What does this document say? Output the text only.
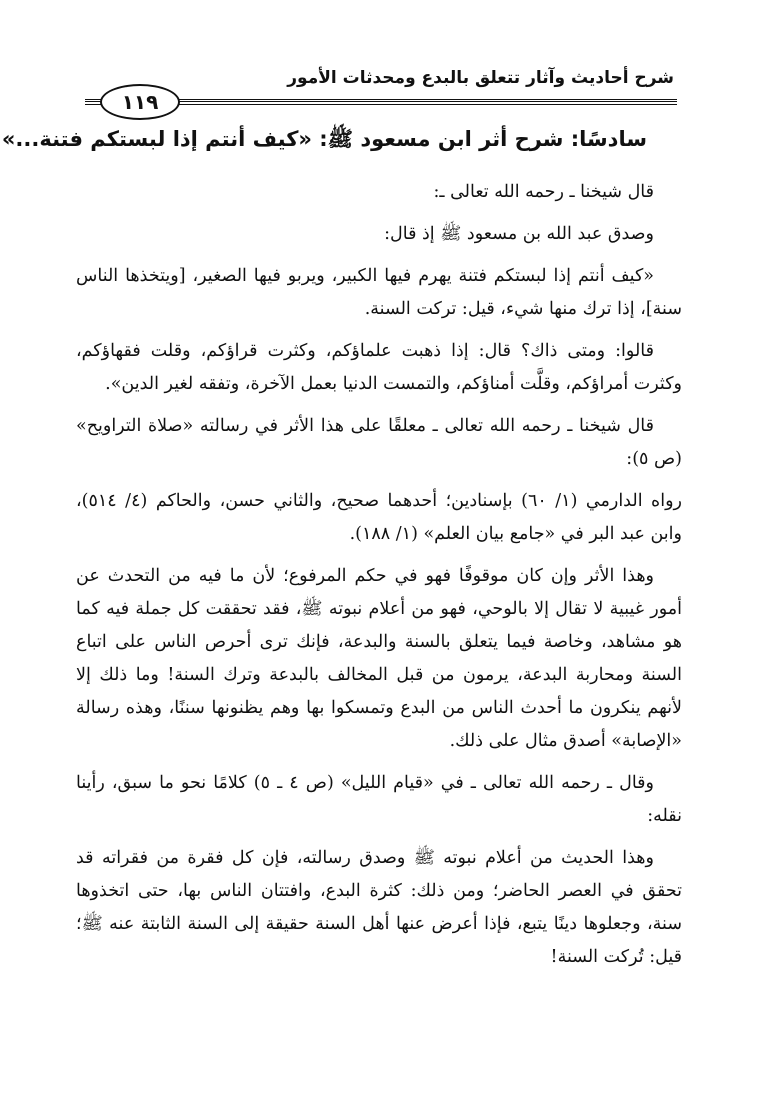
شرح أحاديث وآثار تتعلق بالبدع ومحدثات الأمور
١١٩
سادسًا: شرح أثر ابن مسعود ﷺ: «كيف أنتم إذا لبستكم فتنة...»

قال شيخنا ـ رحمه الله تعالى ـ:

وصدق عبد الله بن مسعود ﷺ إذ قال:

«كيف أنتم إذا لبستكم فتنة يهرم فيها الكبير، ويربو فيها الصغير، [ويتخذها الناس سنة]، إذا ترك منها شيء، قيل: تركت السنة.

قالوا: ومتى ذاك؟ قال: إذا ذهبت علماؤكم، وكثرت قراؤكم، وقلت فقهاؤكم، وكثرت أمراؤكم، وقلَّت أمناؤكم، والتمست الدنيا بعمل الآخرة، وتفقه لغير الدين».

قال شيخنا ـ رحمه الله تعالى ـ معلقًا على هذا الأثر في رسالته «صلاة التراويح» (ص ٥):

رواه الدارمي (١/ ٦٠) بإسنادين؛ أحدهما صحيح، والثاني حسن، والحاكم (٤/ ٥١٤)، وابن عبد البر في «جامع بيان العلم» (١/ ١٨٨).

وهذا الأثر وإن كان موقوفًا فهو في حكم المرفوع؛ لأن ما فيه من التحدث عن أمور غيبية لا تقال إلا بالوحي، فهو من أعلام نبوته ﷺ، فقد تحققت كل جملة فيه كما هو مشاهد، وخاصة فيما يتعلق بالسنة والبدعة، فإنك ترى أحرص الناس على اتباع السنة ومحاربة البدعة، يرمون من قبل المخالف بالبدعة وترك السنة! وما ذلك إلا لأنهم ينكرون ما أحدث الناس من البدع وتمسكوا بها وهم يظنونها سننًا، وهذه رسالة «الإصابة» أصدق مثال على ذلك.

وقال ـ رحمه الله تعالى ـ في «قيام الليل» (ص ٤ ـ ٥) كلامًا نحو ما سبق، رأينا نقله:

وهذا الحديث من أعلام نبوته ﷺ وصدق رسالته، فإن كل فقرة من فقراته قد تحقق في العصر الحاضر؛ ومن ذلك: كثرة البدع، وافتتان الناس بها، حتى اتخذوها سنة، وجعلوها دينًا يتبع، فإذا أعرض عنها أهل السنة حقيقة إلى السنة الثابتة عنه ﷺ؛ قيل: تُركت السنة!
